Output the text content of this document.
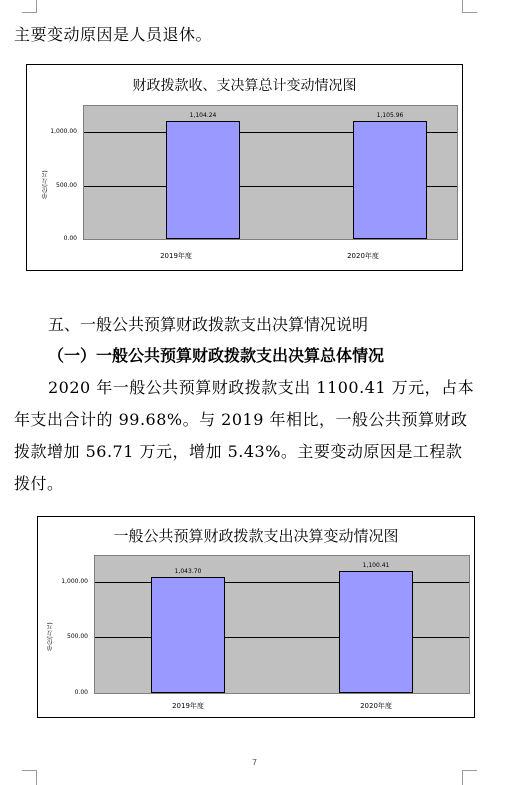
主要变动原因是人员退休。
财政拨款收、支决算总计变动情况图
单位(万元)
0.00
500.00
1,000.00
1,104.24	1,105.96
2019年度	2020年度
五、一般公共预算财政拨款支出决算情况说明
（一）一般公共预算财政拨款支出决算总体情况
2020 年一般公共预算财政拨款支出 1100.41 万元，占本
年支出合计的 99.68%。与 2019 年相比，一般公共预算财政
拨款增加 56.71 万元，增加 5.43%。主要变动原因是工程款
拨付。
一般公共预算财政拨款支出决算变动情况图
单位(万元)
0.00
500.00
1,000.00
1,043.70
1,100.41
2019年度	2020年度
7
